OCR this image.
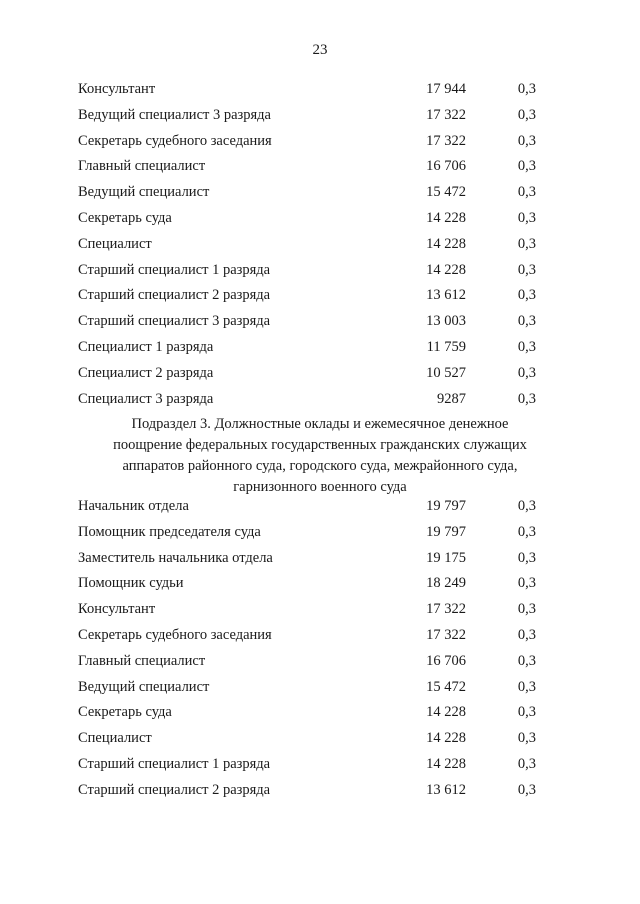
23
Консультант	17 944	0,3
Ведущий специалист 3 разряда	17 322	0,3
Секретарь судебного заседания	17 322	0,3
Главный специалист	16 706	0,3
Ведущий специалист	15 472	0,3
Секретарь суда	14 228	0,3
Специалист	14 228	0,3
Старший специалист 1 разряда	14 228	0,3
Старший специалист 2 разряда	13 612	0,3
Старший специалист 3 разряда	13 003	0,3
Специалист 1 разряда	11 759	0,3
Специалист 2 разряда	10 527	0,3
Специалист 3 разряда	9287	0,3
Подраздел 3. Должностные оклады и ежемесячное денежное
поощрение федеральных государственных гражданских служащих
аппаратов районного суда, городского суда, межрайонного суда,
гарнизонного военного суда
Начальник отдела	19 797	0,3
Помощник председателя суда	19 797	0,3
Заместитель начальника отдела	19 175	0,3
Помощник судьи	18 249	0,3
Консультант	17 322	0,3
Секретарь судебного заседания	17 322	0,3
Главный специалист	16 706	0,3
Ведущий специалист	15 472	0,3
Секретарь суда	14 228	0,3
Специалист	14 228	0,3
Старший специалист 1 разряда	14 228	0,3
Старший специалист 2 разряда	13 612	0,3
